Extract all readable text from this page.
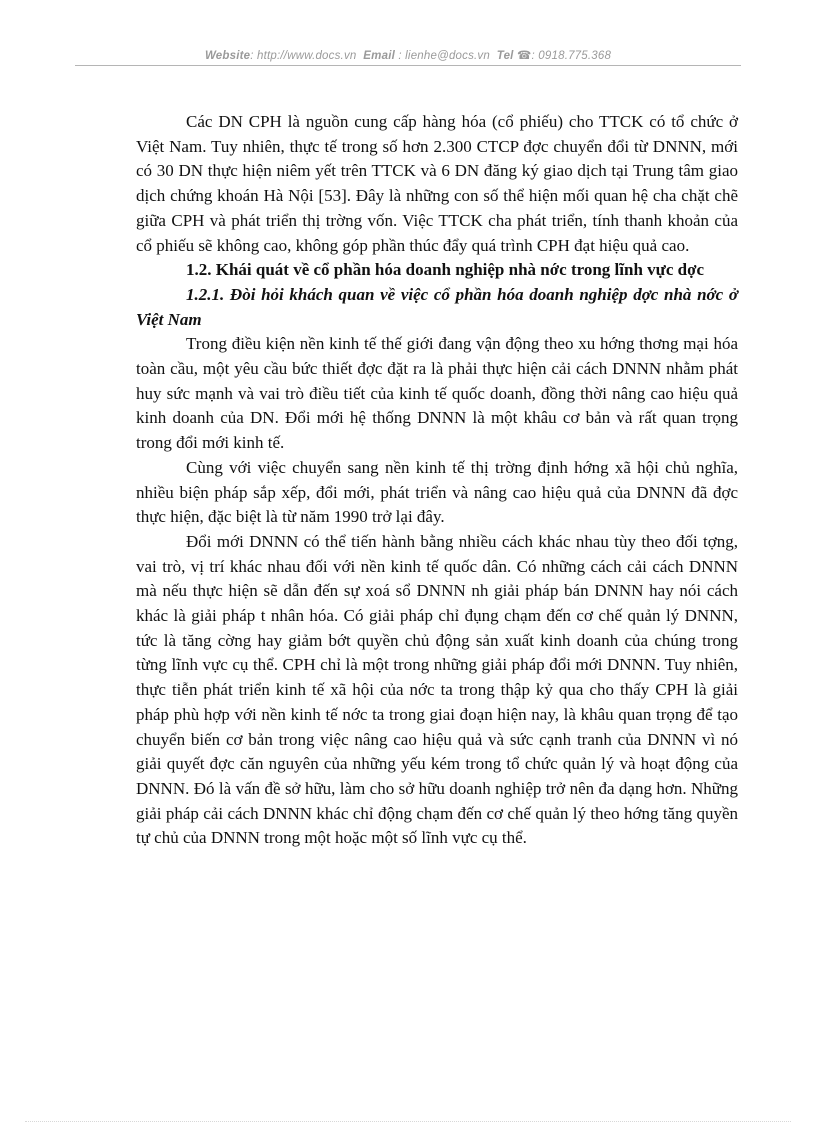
Website: http://www.docs.vn Email : lienhe@docs.vn Tel ☎: 0918.775.368

Các DN CPH là nguồn cung cấp hàng hóa (cổ phiếu) cho TTCK có tổ chức ở Việt Nam. Tuy nhiên, thực tế trong số hơn 2.300 CTCP đợc chuyển đổi từ DNNN, mới có 30 DN thực hiện niêm yết trên TTCK và 6 DN đăng ký giao dịch tại Trung tâm giao dịch chứng khoán Hà Nội [53]. Đây là những con số thể hiện mối quan hệ cha chặt chẽ giữa CPH và phát triển thị trờng vốn. Việc TTCK cha phát triển, tính thanh khoản của cổ phiếu sẽ không cao, không góp phần thúc đẩy quá trình CPH đạt hiệu quả cao.

1.2. Khái quát về cổ phần hóa doanh nghiệp nhà nớc trong lĩnh vực dợc

1.2.1. Đòi hỏi khách quan về việc cổ phần hóa doanh nghiệp dợc nhà nớc ở Việt Nam

Trong điều kiện nền kinh tế thế giới đang vận động theo xu hớng thơng mại hóa toàn cầu, một yêu cầu bức thiết đợc đặt ra là phải thực hiện cải cách DNNN nhằm phát huy sức mạnh và vai trò điều tiết của kinh tế quốc doanh, đồng thời nâng cao hiệu quả kinh doanh của DN. Đổi mới hệ thống DNNN là một khâu cơ bản và rất quan trọng trong đổi mới kinh tế.

Cùng với việc chuyển sang nền kinh tế thị trờng định hớng xã hội chủ nghĩa, nhiều biện pháp sắp xếp, đổi mới, phát triển và nâng cao hiệu quả của DNNN đã đợc thực hiện, đặc biệt là từ năm 1990 trở lại đây.

Đổi mới DNNN có thể tiến hành bằng nhiều cách khác nhau tùy theo đối tợng, vai trò, vị trí khác nhau đối với nền kinh tế quốc dân. Có những cách cải cách DNNN mà nếu thực hiện sẽ dẫn đến sự xoá sổ DNNN nh giải pháp bán DNNN hay nói cách khác là giải pháp t nhân hóa. Có giải pháp chỉ đụng chạm đến cơ chế quản lý DNNN, tức là tăng cờng hay giảm bớt quyền chủ động sản xuất kinh doanh của chúng trong từng lĩnh vực cụ thể. CPH chỉ là một trong những giải pháp đổi mới DNNN. Tuy nhiên, thực tiễn phát triển kinh tế xã hội của nớc ta trong thập kỷ qua cho thấy CPH là giải pháp phù hợp với nền kinh tế nớc ta trong giai đoạn hiện nay, là khâu quan trọng để tạo chuyển biến cơ bản trong việc nâng cao hiệu quả và sức cạnh tranh của DNNN vì nó giải quyết đợc căn nguyên của những yếu kém trong tổ chức quản lý và hoạt động của DNNN. Đó là vấn đề sở hữu, làm cho sở hữu doanh nghiệp trở nên đa dạng hơn. Những giải pháp cải cách DNNN khác chỉ động chạm đến cơ chế quản lý theo hớng tăng quyền tự chủ của DNNN trong một hoặc một số lĩnh vực cụ thể.
